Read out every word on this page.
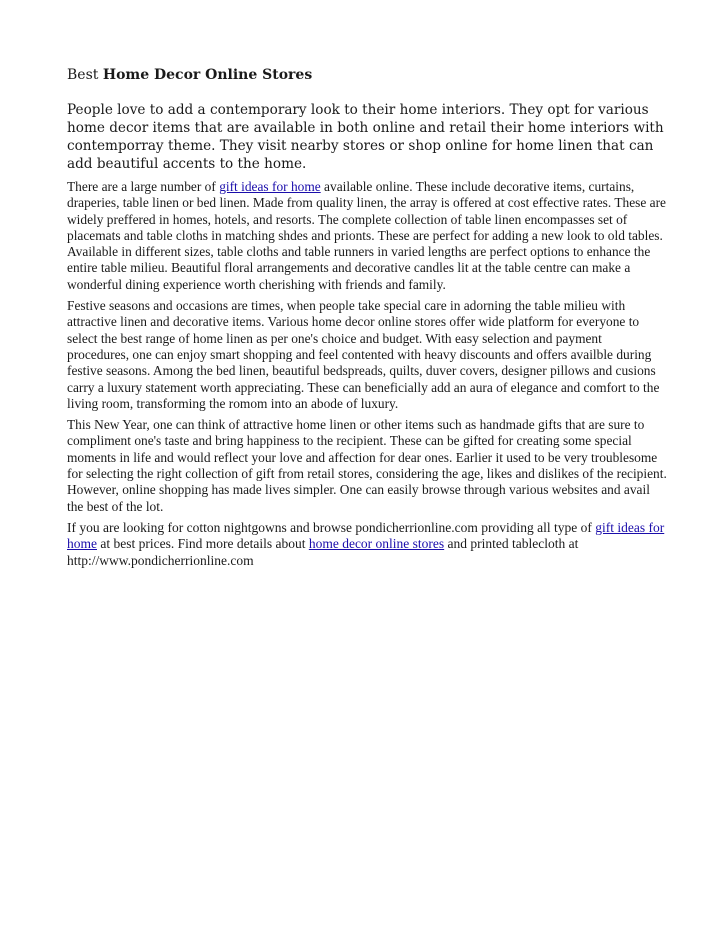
Best Home Decor Online Stores

People love to add a contemporary look to their home interiors. They opt for various home decor items that are available in both online and retail their home interiors with contemporray theme. They visit nearby stores or shop online for home linen that can add beautiful accents to the home.

There are a large number of gift ideas for home available online. These include decorative items, curtains, draperies, table linen or bed linen. Made from quality linen, the array is offered at cost effective rates. These are widely preffered in homes, hotels, and resorts. The complete collection of table linen encompasses set of placemats and table cloths in matching shdes and prionts. These are perfect for adding a new look to old tables. Available in different sizes, table cloths and table runners in varied lengths are perfect options to enhance the entire table milieu. Beautiful floral arrangements and decorative candles lit at the table centre can make a wonderful dining experience worth cherishing with friends and family.

Festive seasons and occasions are times, when people take special care in adorning the table milieu with attractive linen and decorative items. Various home decor online stores offer wide platform for everyone to select the best range of home linen as per one's choice and budget. With easy selection and payment procedures, one can enjoy smart shopping and feel contented with heavy discounts and offers availble during festive seasons. Among the bed linen, beautiful bedspreads, quilts, duver covers, designer pillows and cusions carry a luxury statement worth appreciating. These can beneficially add an aura of elegance and comfort to the living room, transforming the romom into an abode of luxury.

This New Year, one can think of attractive home linen or other items such as handmade gifts that are sure to compliment one's taste and bring happiness to the recipient. These can be gifted for creating some special moments in life and would reflect your love and affection for dear ones. Earlier it used to be very troublesome for selecting the right collection of gift from retail stores, considering the age, likes and dislikes of the recipient. However, online shopping has made lives simpler. One can easily browse through various websites and avail the best of the lot.

If you are looking for cotton nightgowns and browse pondicherrionline.com providing all type of gift ideas for home at best prices. Find more details about home decor online stores and printed tablecloth at http://www.pondicherrionline.com
